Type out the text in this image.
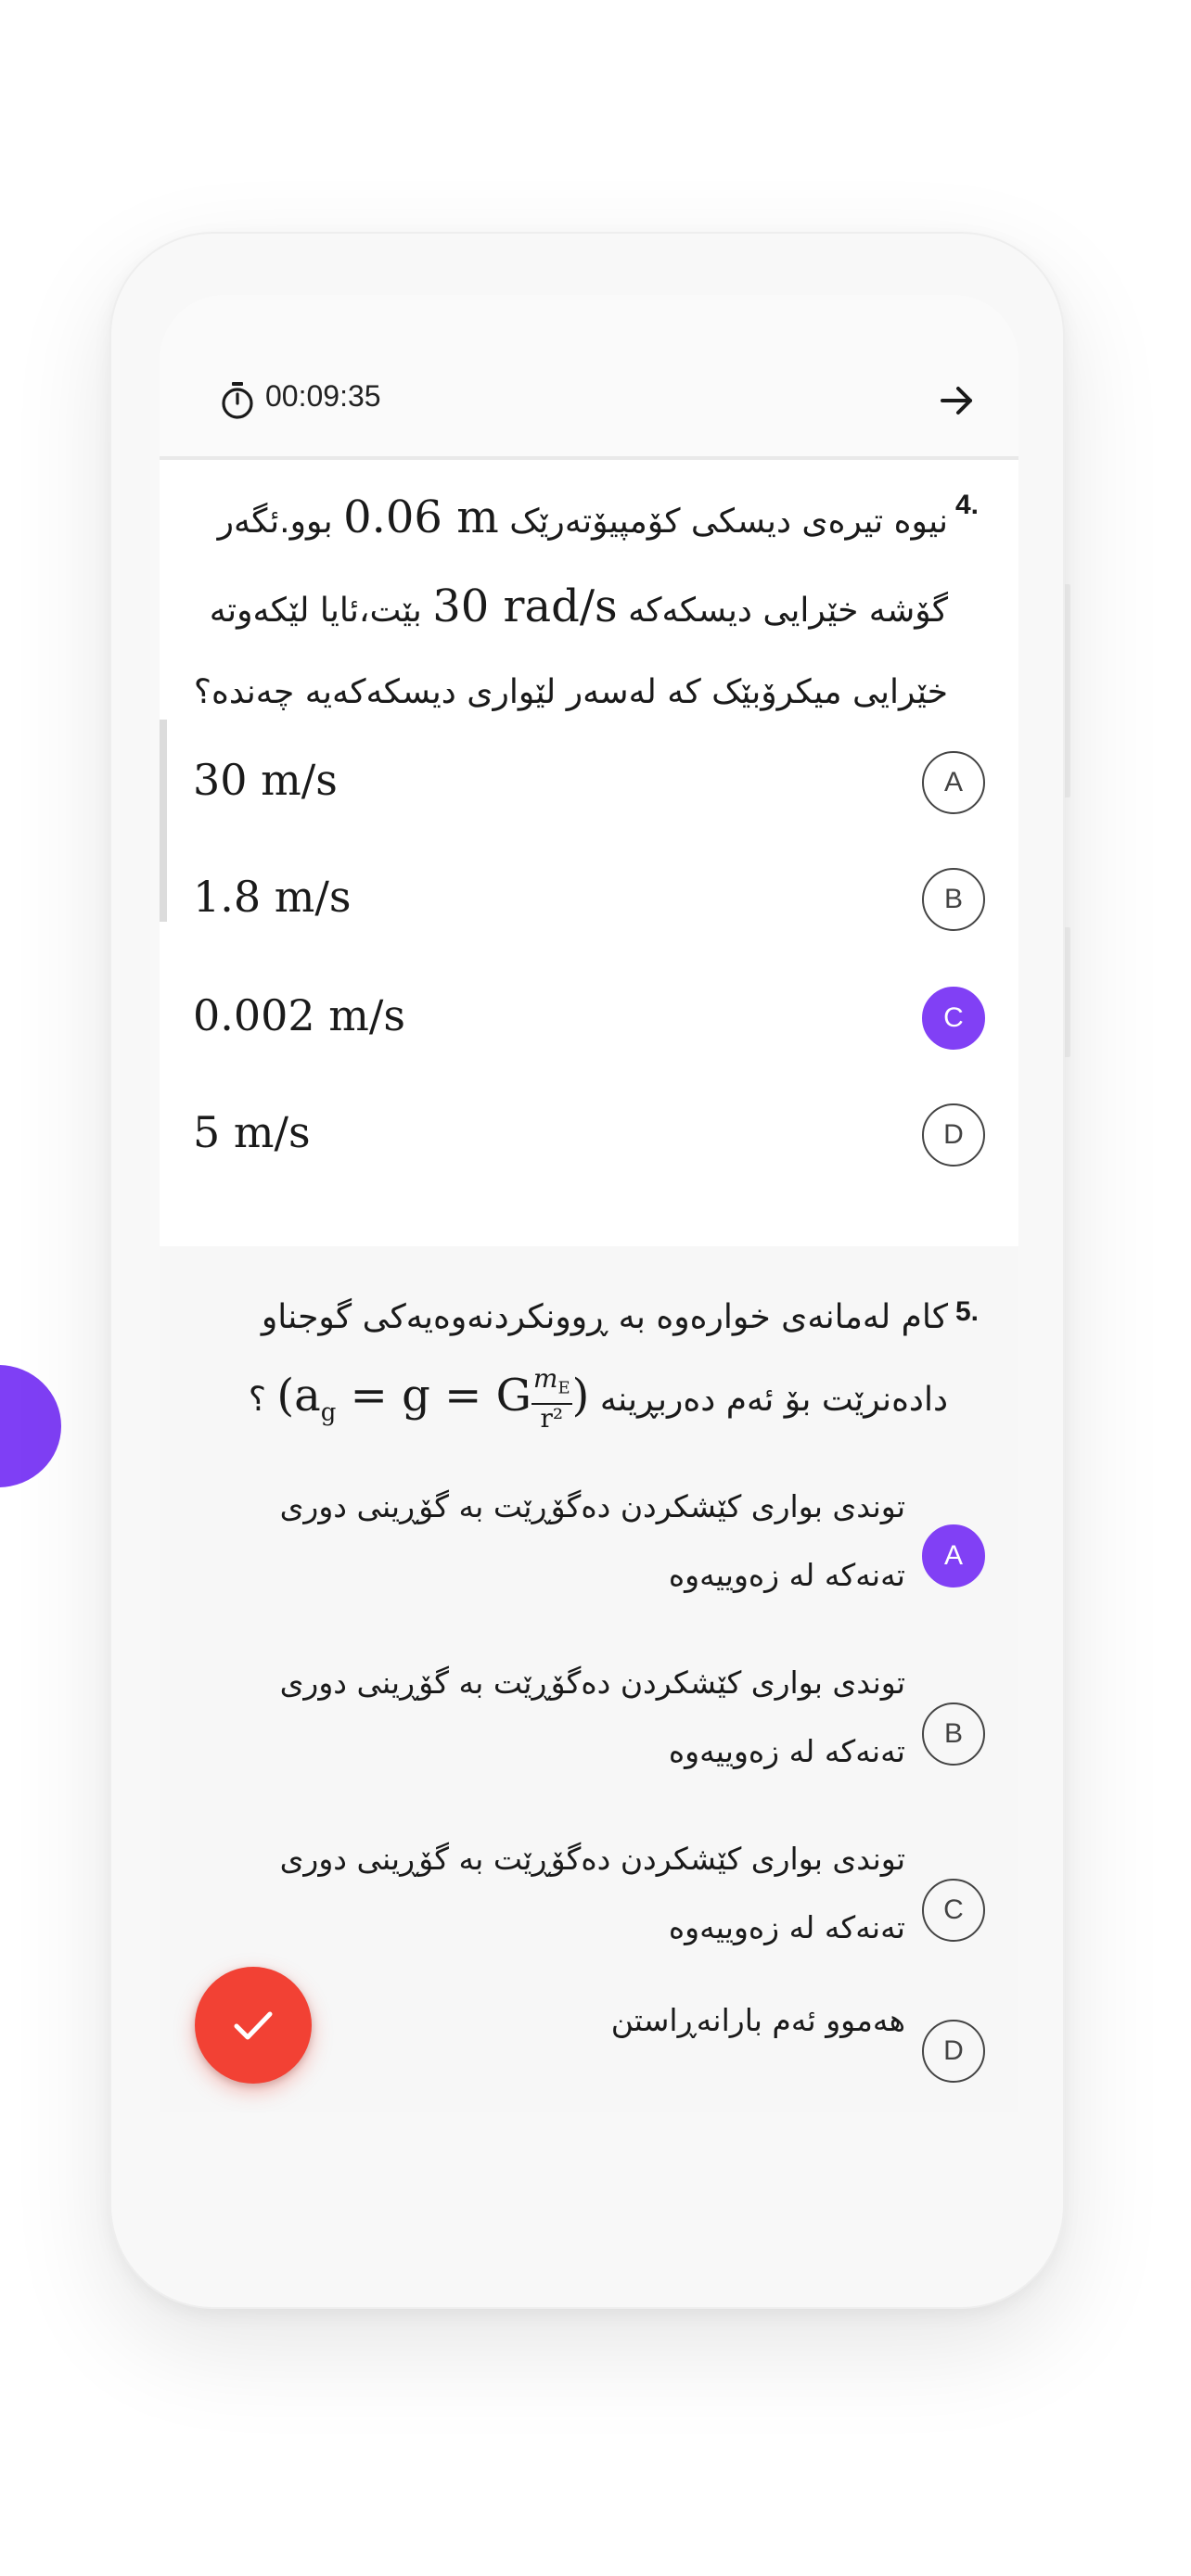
00:09:35
4.
نیوە تیرەی دیسکی کۆمپیۆتەرێک 0.06 m بوو.ئگەر
گۆشە خێرایی دیسکەکە 30 rad/s بێت،ئایا لێکەوتە
خێرایی میکرۆبێک کە لەسەر لێواری دیسکەکەیە چەندە؟
30 m/s	A
1.8 m/s	B
0.002 m/s	C
5 m/s	D
5.
کام لەمانەی خوارەوە بە ڕوونکردنەوەیەکی گوجناو
دادەنرێت بۆ ئەم دەربڕینە ($a_g = g = G \frac{m_E}{\text{r²}}$ ) ؟
توندی بواری کێشکردن دەگۆڕێت بە گۆڕینی دوری
تەنەکە لە زەوییەوە
A
توندی بواری کێشکردن دەگۆڕێت بە گۆڕینی دوری
تەنەکە لە زەوییەوە	B
توندی بواری کێشکردن دەگۆڕێت بە گۆڕینی دوری
تەنەکە لە زەوییەوە	C
هەموو ئەم بارانەڕاستن
D
